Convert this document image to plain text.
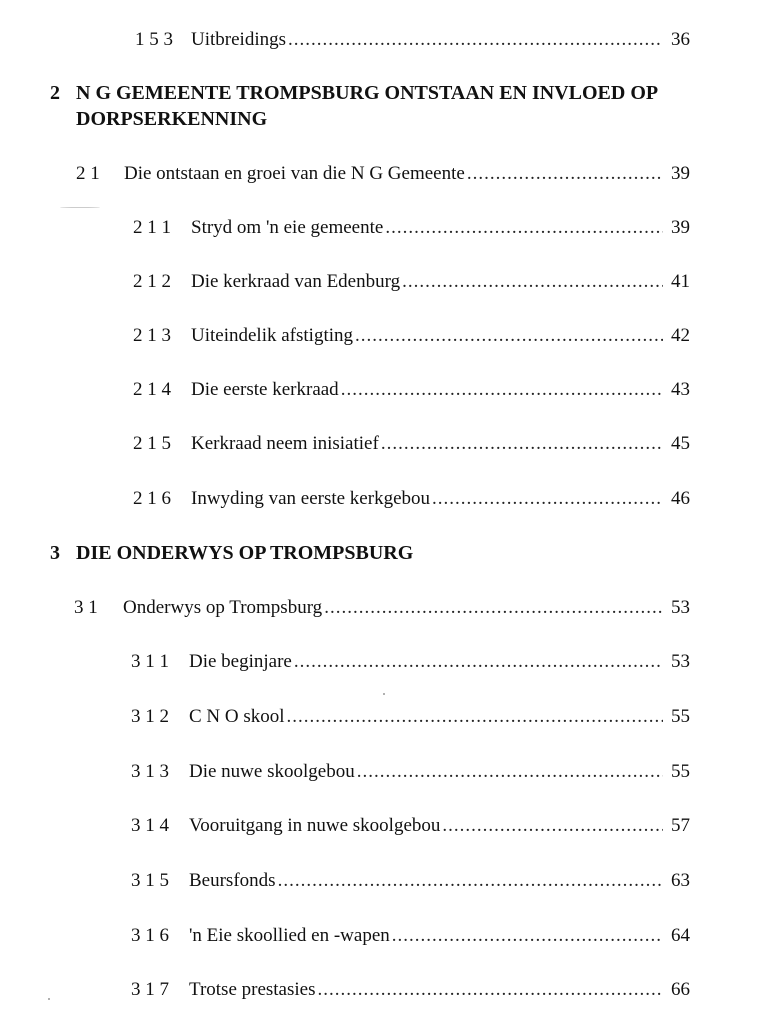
1 5 3 Uitbreidings .....	36
2 N G GEMEENTE TROMPSBURG ONTSTAAN EN INVLOED OP DORPSERKENNING
2 1	Die ontstaan en groei van die N G Gemeente .....	39
2 1 1	Stryd om 'n eie gemeente .....	39
2 1 2	Die kerkraad van Edenburg .....	41
2 1 3	Uiteindelik afstigting .....	42
2 1 4	Die eerste kerkraad .....	43
2 1 5	Kerkraad neem inisiatief .....	45
2 1 6	Inwyding van eerste kerkgebou .....	46
3 DIE ONDERWYS OP TROMPSBURG
3 1	Onderwys op Trompsburg .....	53
3 1 1	Die beginjare .....	53
3 1 2	C N O skool .....	55
3 1 3	Die nuwe skoolgebou .....	55
3 1 4	Vooruitgang in nuwe skoolgebou .....	57
3 1 5	Beursfonds .....	63
3 1 6	'n Eie skoollied en -wapen .....	64
3 1 7	Trotse prestasies .....	66
